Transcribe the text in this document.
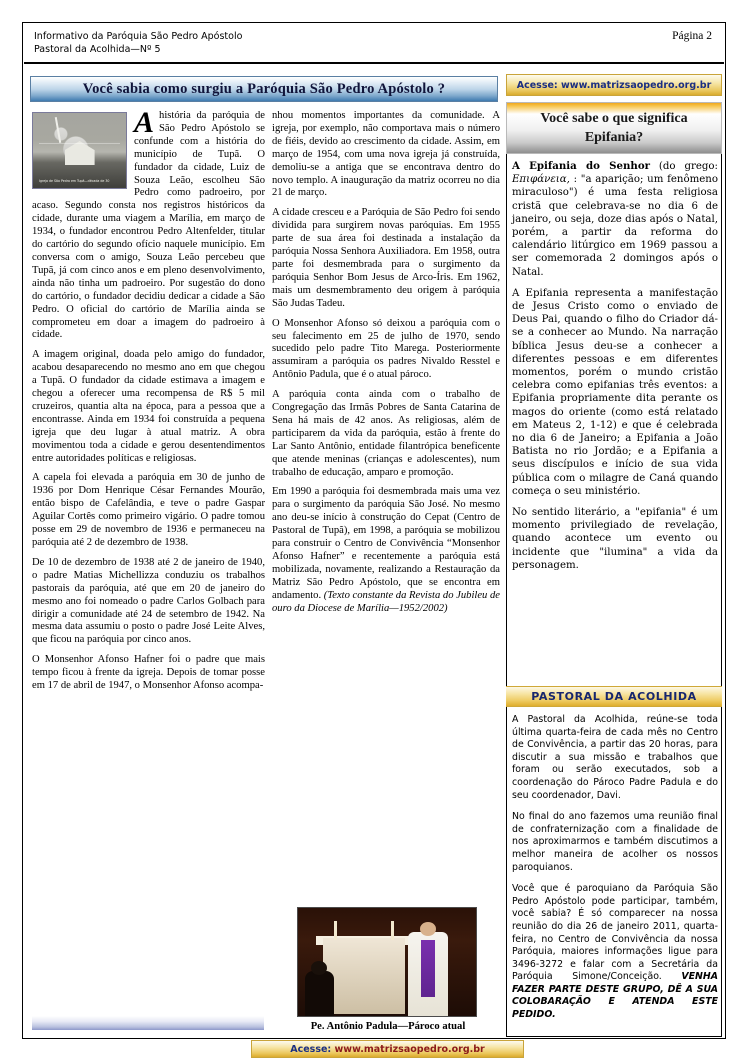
Informativo da Paróquia São Pedro Apóstolo
Pastoral da Acolhida—Nº 5
Página 2
Você sabia como surgiu a Paróquia São Pedro Apóstolo ?	Acesse: www.matrizsaopedro.org.br
Você sabe o que significa Epifania?
Igreja de São Pedro em Tupã—década de 30

Ahistória da paróquia de São Pedro Apóstolo se confunde com a história do município de Tupã. O fundador da cidade, Luiz de Souza Leão, escolheu São Pedro como padroeiro, por acaso. Segundo consta nos registros históricos da cidade, durante uma viagem a Marília, em março de 1934, o fundador encontrou Pedro Altenfelder, titular do cartório do segundo ofício naquele município. Em conversa com o amigo, Souza Leão percebeu que Tupã, já com cinco anos e em pleno desenvolvimento, ainda não tinha um padroeiro. Por sugestão do dono do cartório, o fundador decidiu dedicar a cidade a São Pedro. O oficial do cartório de Marília ainda se comprometeu em doar a imagem do padroeiro à cidade.

A imagem original, doada pelo amigo do fundador, acabou desaparecendo no mesmo ano em que chegou a Tupã. O fundador da cidade estimava a imagem e chegou a oferecer uma recompensa de R$ 5 mil cruzeiros, quantia alta na época, para a pessoa que a encontrasse. Ainda em 1934 foi construída a pequena igreja que deu lugar à atual matriz. A obra movimentou toda a cidade e gerou desentendimentos entre autoridades políticas e religiosas.

A capela foi elevada a paróquia em 30 de junho de 1936 por Dom Henrique César Fernandes Mourão, então bispo de Cafelândia, e teve o padre Gaspar Aguilar Cortês como primeiro vigário. O padre tomou posse em 29 de novembro de 1936 e permaneceu na paróquia até 2 de dezembro de 1938.

De 10 de dezembro de 1938 até 2 de janeiro de 1940, o padre Matias Michellizza conduziu os trabalhos pastorais da paróquia, até que em 20 de janeiro do mesmo ano foi nomeado o padre Carlos Golbach para dirigir a comunidade até 24 de setembro de 1942. Na mesma data assumiu o posto o padre José Leite Alves, que ficou na paróquia por cinco anos.

O Monsenhor Afonso Hafner foi o padre que mais tempo ficou à frente da igreja. Depois de tomar posse em 17 de abril de 1947, o Monsenhor Afonso acompa-

nhou momentos importantes da comunidade. A igreja, por exemplo, não comportava mais o número de fiéis, devido ao crescimento da cidade. Assim, em março de 1954, com uma nova igreja já construída, demoliu-se a antiga que se encontrava dentro do novo templo. A inauguração da matriz ocorreu no dia 21 de março.

A cidade cresceu e a Paróquia de São Pedro foi sendo dividida para surgirem novas paróquias. Em 1955 parte de sua área foi destinada a instalação da paróquia Nossa Senhora Auxiliadora. Em 1958, outra parte foi desmembrada para o surgimento da paróquia Senhor Bom Jesus de Arco-Íris. Em 1962, mais um desmembramento deu origem à paróquia São Judas Tadeu.

O Monsenhor Afonso só deixou a paróquia com o seu falecimento em 25 de julho de 1970, sendo sucedido pelo padre Tito Marega. Posteriormente assumiram a paróquia os padres Nivaldo Resstel e Antônio Padula, que é o atual pároco.

A paróquia conta ainda com o trabalho de Congregação das Irmãs Pobres de Santa Catarina de Sena há mais de 42 anos. As religiosas, além de participarem da vida da paróquia, estão à frente do Lar Santo Antônio, entidade filantrópica beneficente que atende meninas (crianças e adolescentes), num trabalho de educação, amparo e promoção.

Em 1990 a paróquia foi desmembrada mais uma vez para o surgimento da paróquia São José. No mesmo ano deu-se início à construção do Cepat (Centro de Pastoral de Tupã), em 1998, a paróquia se mobilizou para construir o Centro de Convivência “Monsenhor Afonso Hafner” e recentemente a paróquia está mobilizada, novamente, realizando a Restauração da Matriz São Pedro Apóstolo, que se encontra em andamento. (Texto constante da Revista do Jubileu de ouro da Diocese de Marília—1952/2002)

Pe. Antônio Padula—Pároco atual

A Epifania do Senhor (do grego: Επιφάνεια, : "a aparição; um fenômeno miraculoso") é uma festa religiosa cristã que celebrava-se no dia 6 de janeiro, ou seja, doze dias após o Natal, porém, a partir da reforma do calendário litúrgico em 1969 passou a ser comemorada 2 domingos após o Natal.

A Epifania representa a manifestação de Jesus Cristo como o enviado de Deus Pai, quando o filho do Criador dá-se a conhecer ao Mundo. Na narração bíblica Jesus deu-se a conhecer a diferentes pessoas e em diferentes momentos, porém o mundo cristão celebra como epifanias três eventos: a Epifania propriamente dita perante os magos do oriente (como está relatado em Mateus 2, 1-12) e que é celebrada no dia 6 de Janeiro; a Epifania a João Batista no rio Jordão; e a Epifania a seus discípulos e início de sua vida pública com o milagre de Caná quando começa o seu ministério.

No sentido literário, a "epifania" é um momento privilegiado de revelação, quando acontece um evento ou incidente que "ilumina" a vida da personagem.

PASTORAL DA ACOLHIDA

A Pastoral da Acolhida, reúne-se toda última quarta-feira de cada mês no Centro de Convivência, a partir das 20 horas, para discutir a sua missão e trabalhos que foram ou serão executados, sob a coordenação do Pároco Padre Padula e do seu coordenador, Davi.

No final do ano fazemos uma reunião final de confraternização com a finalidade de nos aproximarmos e também discutimos a melhor maneira de acolher os nossos paroquianos.

Você que é paroquiano da Paróquia São Pedro Apóstolo pode participar, também, você sabia? É só comparecer na nossa reunião do dia 26 de janeiro 2011, quarta-feira, no Centro de Convivência da nossa Paróquia, maiores informações ligue para 3496-3272 e falar com a Secretária da Paróquia Simone/Conceição. VENHA FAZER PARTE DESTE GRUPO, DÊ A SUA COLOBARAÇÃO E ATENDA ESTE PEDIDO.

Acesse: www.matrizsaopedro.org.br
